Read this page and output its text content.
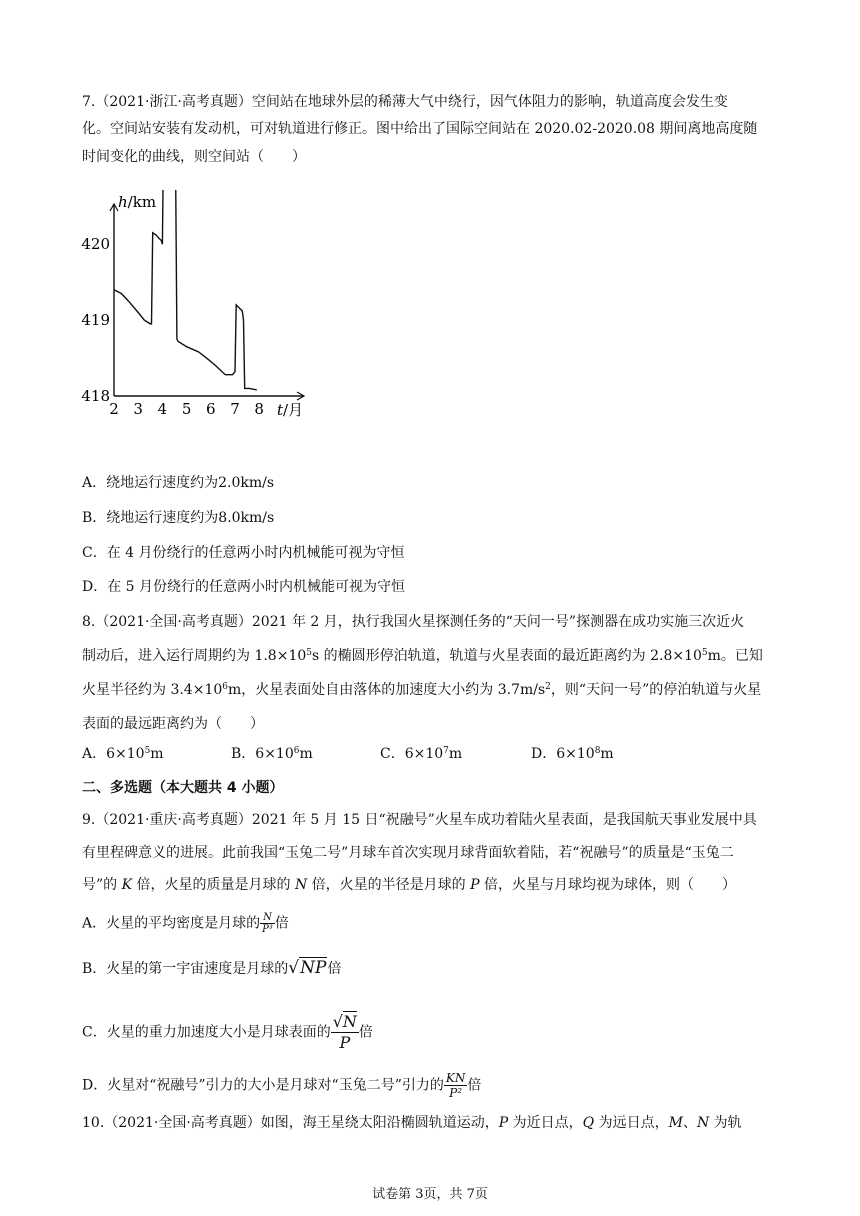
7.（2021·浙江·高考真题）空间站在地球外层的稀薄大气中绕行，因气体阻力的影响，轨道高度会发生变
化。空间站安装有发动机，可对轨道进行修正。图中给出了国际空间站在 2020.02-2020.08 期间离地高度随
时间变化的曲线，则空间站（　　）
2 3 4 5 6 7 8
418
419
420
h/km
t/月
A．绕地运行速度约为2.0km/s
B．绕地运行速度约为8.0km/s
C．在 4 月份绕行的任意两小时内机械能可视为守恒
D．在 5 月份绕行的任意两小时内机械能可视为守恒
8.（2021·全国·高考真题）2021 年 2 月，执行我国火星探测任务的“天问一号”探测器在成功实施三次近火
制动后，进入运行周期约为 $1.8\times 10^5s$ 的椭圆形停泊轨道，轨道与火星表面的最近距离约为 $2.8\times 10^5m$。已知
火星半径约为 $3.4\times 10^6m$，火星表面处自由落体的加速度大小约为 $3.7m/s^2$，则“天问一号”的停泊轨道与火星
表面的最远距离约为（　　）
A．$6\times 10^5m$	B．$6\times 10^6m$	C．$6\times 10^7m$	D．$6\times 10^8m$
二、多选题（本大题共 4 小题）
9.（2021·重庆·高考真题）2021 年 5 月 15 日“祝融号”火星车成功着陆火星表面，是我国航天事业发展中具
有里程碑意义的进展。此前我国“玉兔二号”月球车首次实现月球背面软着陆，若“祝融号”的质量是“玉兔二
号”的 K 倍，火星的质量是月球的 N 倍，火星的半径是月球的 P 倍，火星与月球均视为球体，则（　　）
A．火星的平均密度是月球的 $\frac{N}{\text{P³}}$ 倍
B．火星的第一宇宙速度是月球的√NP倍
C．火星的重力加速度大小是月球表面的 $\frac{√N}{P}$ 倍
D．火星对“祝融号”引力的大小是月球对“玉兔二号”引力的 $\frac{KN}{\text{P²}}$ 倍
10.（2021·全国·高考真题）如图，海王星绕太阳沿椭圆轨道运动，P 为近日点，Q 为远日点，M、N 为轨
试卷第 3页，共 7页
